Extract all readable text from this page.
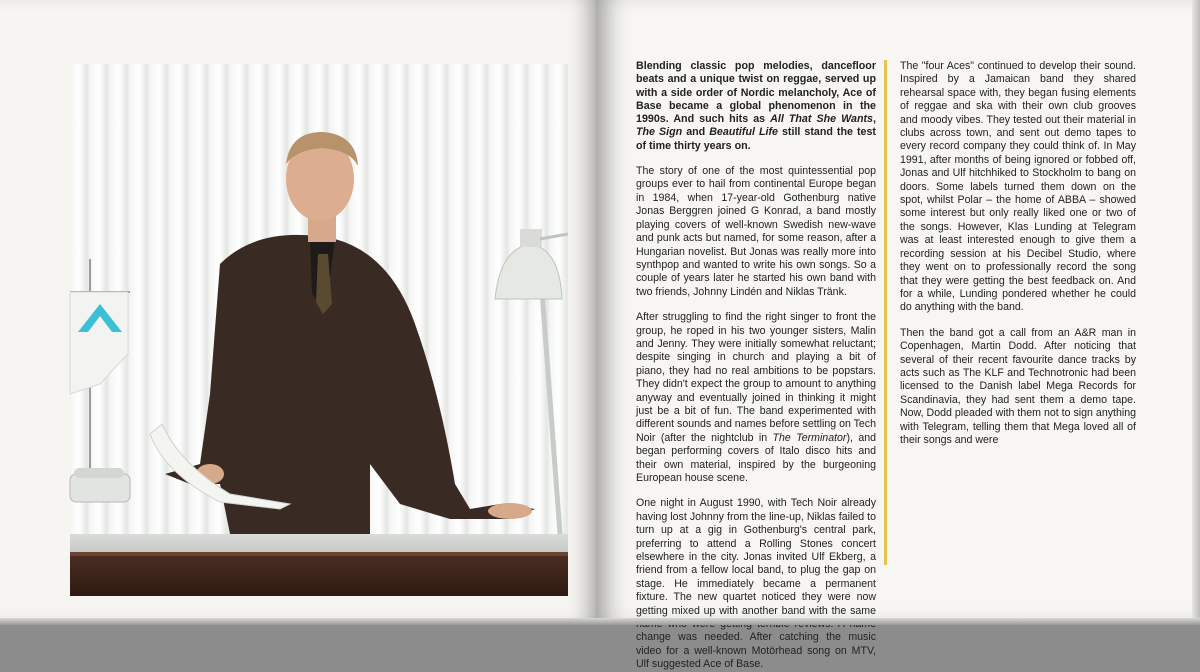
Blending classic pop melodies, dancefloor beats and a unique twist on reggae, served up with a side order of Nordic melancholy, Ace of Base became a global phenomenon in the 1990s. And such hits as All That She Wants, The Sign and Beautiful Life still stand the test of time thirty years on.

The story of one of the most quintessential pop groups ever to hail from continental Europe began in 1984, when 17-year-old Gothenburg native Jonas Berggren joined G Konrad, a band mostly playing covers of well-known Swedish new-wave and punk acts but named, for some reason, after a Hungarian novelist. But Jonas was really more into synthpop and wanted to write his own songs. So a couple of years later he started his own band with two friends, Johnny Lindén and Niklas Tränk.

After struggling to find the right singer to front the group, he roped in his two younger sisters, Malin and Jenny. They were initially somewhat reluctant; despite singing in church and playing a bit of piano, they had no real ambitions to be popstars. They didn't expect the group to amount to anything anyway and eventually joined in thinking it might just be a bit of fun. The band experimented with different sounds and names before settling on Tech Noir (after the nightclub in The Terminator), and began performing covers of Italo disco hits and their own material, inspired by the burgeoning European house scene.

One night in August 1990, with Tech Noir already having lost Johnny from the line-up, Niklas failed to turn up at a gig in Gothenburg's central park, preferring to attend a Rolling Stones concert elsewhere in the city. Jonas invited Ulf Ekberg, a friend from a fellow local band, to plug the gap on stage. He immediately became a permanent fixture. The new quartet noticed they were now getting mixed up with another band with the same change was needed. After catching the music video for a well-known Motörhead song on MTV, Ulf suggested Ace of Base.

The "four Aces" continued to develop their sound. Inspired by a Jamaican band they shared rehearsal space with, they began fusing elements of reggae and ska with their own club grooves and moody vibes. They tested out their material in clubs across town, and sent out demo tapes to every record company they could think of. In May 1991, after months of being ignored or fobbed off, Jonas and Ulf hitchhiked to Stockholm to bang on doors. Some labels turned them down on the spot, whilst Polar – the home of ABBA – showed some interest but only really liked one or two of the songs. However, Klas Lunding at Telegram was at least interested enough to give them a recording session at his Decibel Studio, where they went on to professionally record the song that they were getting the best feedback on. And for a while, Lunding pondered whether he could do anything with the band.

Then the band got a call from an A&R man in Copenhagen, Martin Dodd. After noticing that several of their recent favourite dance tracks by acts such as The KLF and Technotronic had been licensed to the Danish label Mega Records for Scandinavia, they had sent them a demo tape. Now, Dodd pleaded with them not to sign anything with Telegram, telling them that Mega loved all of their songs and were
